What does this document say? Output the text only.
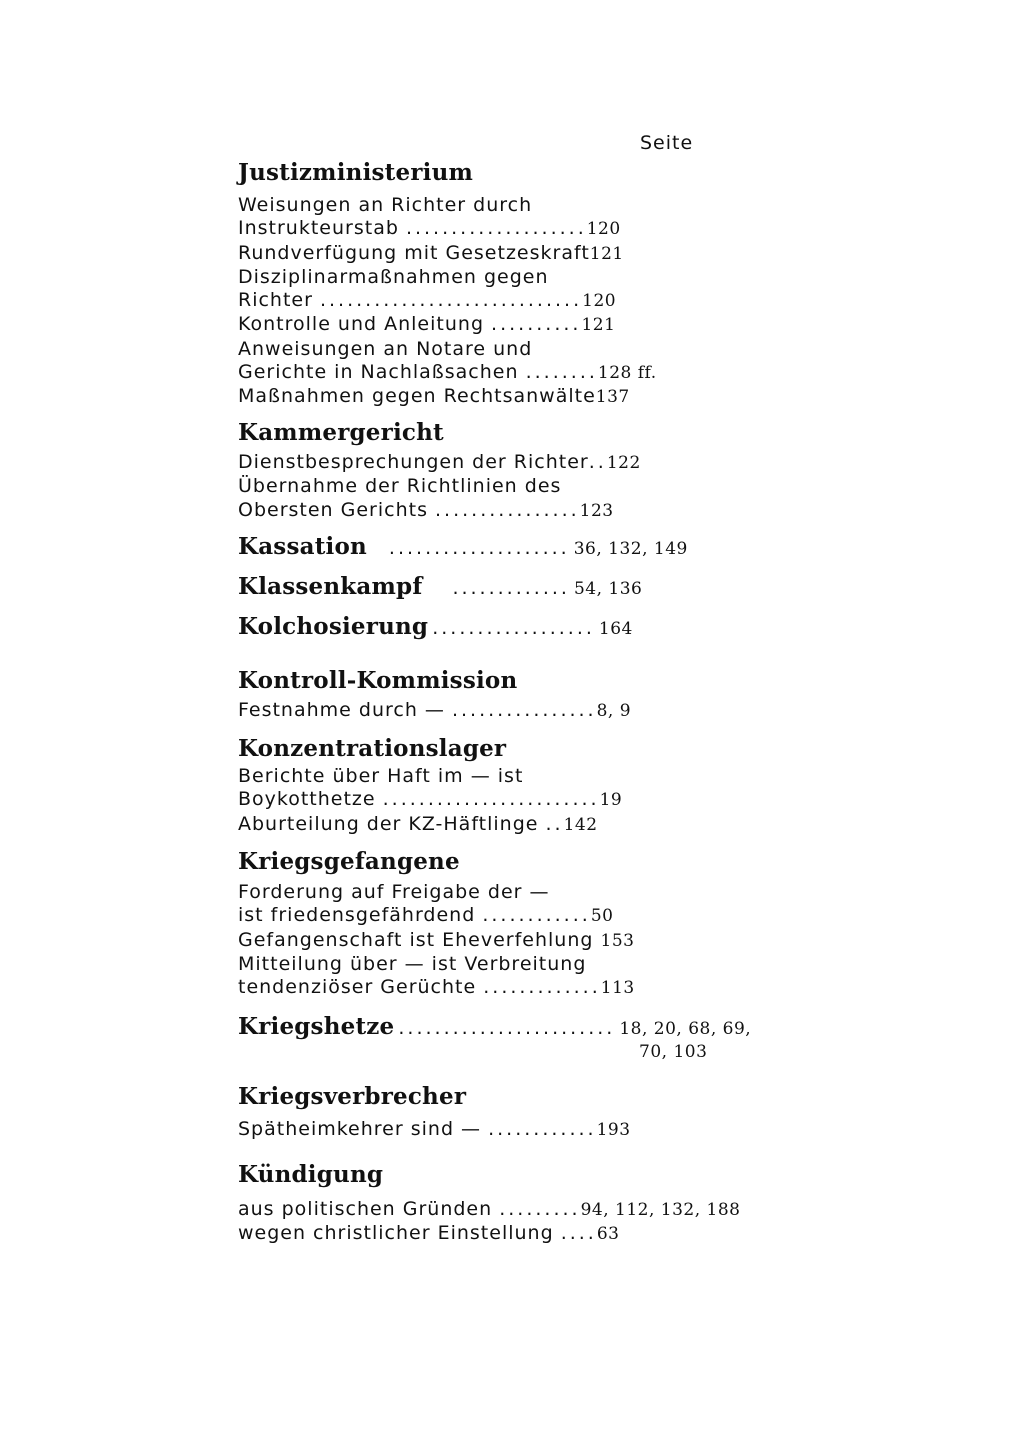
Seite
Justizministerium
Weisungen an Richter durch
Instrukteurstab ....................120
Rundverfügung mit Gesetzeskraft121
Disziplinarmaßnahmen gegen
Richter .............................120
Kontrolle und Anleitung ..........121
Anweisungen an Notare und
Gerichte in Nachlaßsachen ........128 ff.
Maßnahmen gegen Rechtsanwälte137
Kammergericht
Dienstbesprechungen der Richter..122
Übernahme der Richtlinien des
Obersten Gerichts ................123
Kassation .................... 36, 132, 149
Klassenkampf ............. 54, 136
Kolchosierung .................. 164
Kontroll-Kommission
Festnahme durch — ................8, 9
Konzentrationslager
Berichte über Haft im — ist
Boykotthetze ........................19
Aburteilung der KZ-Häftlinge ..142
Kriegsgefangene
Forderung auf Freigabe der —
ist friedensgefährdend ............50
Gefangenschaft ist Eheverfehlung 153
Mitteilung über — ist Verbreitung
tendenziöser Gerüchte .............113
Kriegshetze ........................ 18, 20, 68, 69,
70, 103
Kriegsverbrecher
Spätheimkehrer sind — ............193
Kündigung
aus politischen Gründen .........94, 112, 132, 188
wegen christlicher Einstellung ....63
